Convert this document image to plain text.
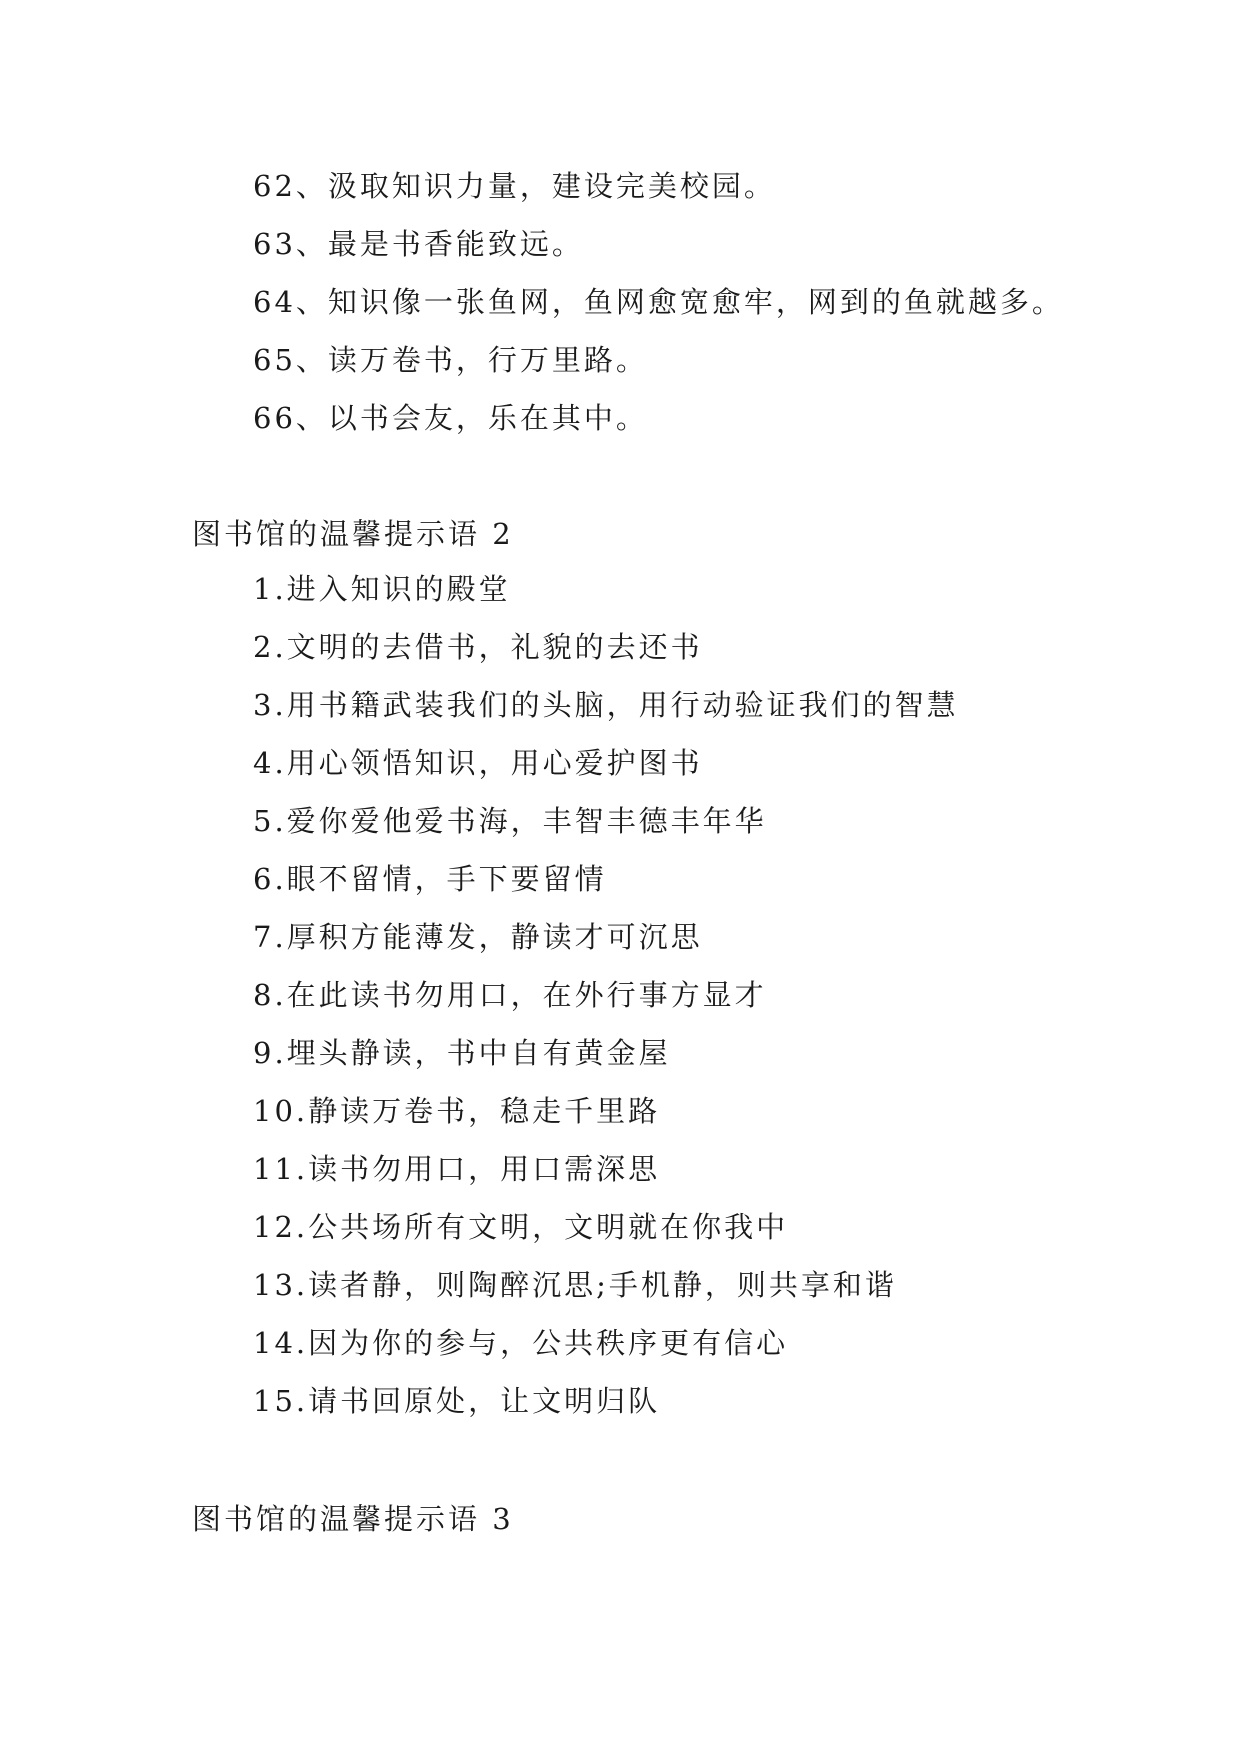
62、汲取知识力量，建设完美校园。
63、最是书香能致远。
64、知识像一张鱼网，鱼网愈宽愈牢，网到的鱼就越多。
65、读万卷书，行万里路。
66、以书会友，乐在其中。
图书馆的温馨提示语 2
1.进入知识的殿堂
2.文明的去借书，礼貌的去还书
3.用书籍武装我们的头脑，用行动验证我们的智慧
4.用心领悟知识，用心爱护图书
5.爱你爱他爱书海，丰智丰德丰年华
6.眼不留情，手下要留情
7.厚积方能薄发，静读才可沉思
8.在此读书勿用口，在外行事方显才
9.埋头静读，书中自有黄金屋
10.静读万卷书，稳走千里路
11.读书勿用口，用口需深思
12.公共场所有文明，文明就在你我中
13.读者静，则陶醉沉思;手机静，则共享和谐
14.因为你的参与，公共秩序更有信心
15.请书回原处，让文明归队
图书馆的温馨提示语 3
